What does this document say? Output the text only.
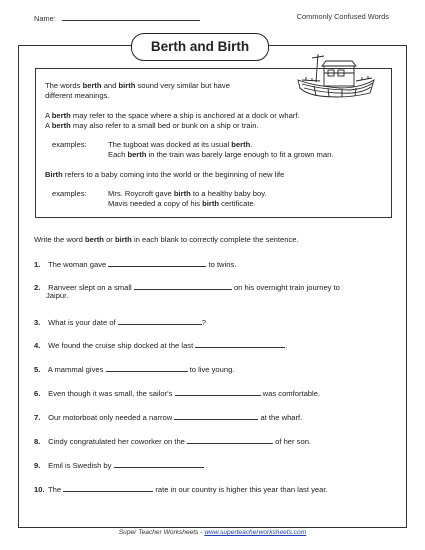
Name:	Commonly Confused Words
Berth and Birth
The words berth and birth sound very similar but have
different meanings.
A berth may refer to the space where a ship is anchored at a dock or wharf.
A berth may also refer to a small bed or bunk on a ship or train.
examples:	The tugboat was docked at its usual berth.
Each berth in the train was barely large enough to fit a grown man.
Birth refers to a baby coming into the world or the beginning of new life
examples:	Mrs. Roycroft gave birth to a healthy baby boy.
Mavis needed a copy of his birth certificate.
Write the word berth or birth in each blank to correctly complete the sentence.
1. The woman gave	to twins.
2. Ranveer slept on a small	on his overnight train journey to
Jaipur.
3. What is your date of	?
4. We found the cruise ship docked at the last	.
5. A mammal gives	to live young.
6. Even though it was small, the sailor's	was comfortable.
7. Our motorboat only needed a narrow	at the wharf.
8. Cindy congratulated her coworker on the	of her son.
9. Emil is Swedish by	.
10. The	rate in our country is higher this year than last year.
Super Teacher Worksheets - www.superteacherworksheets.com
